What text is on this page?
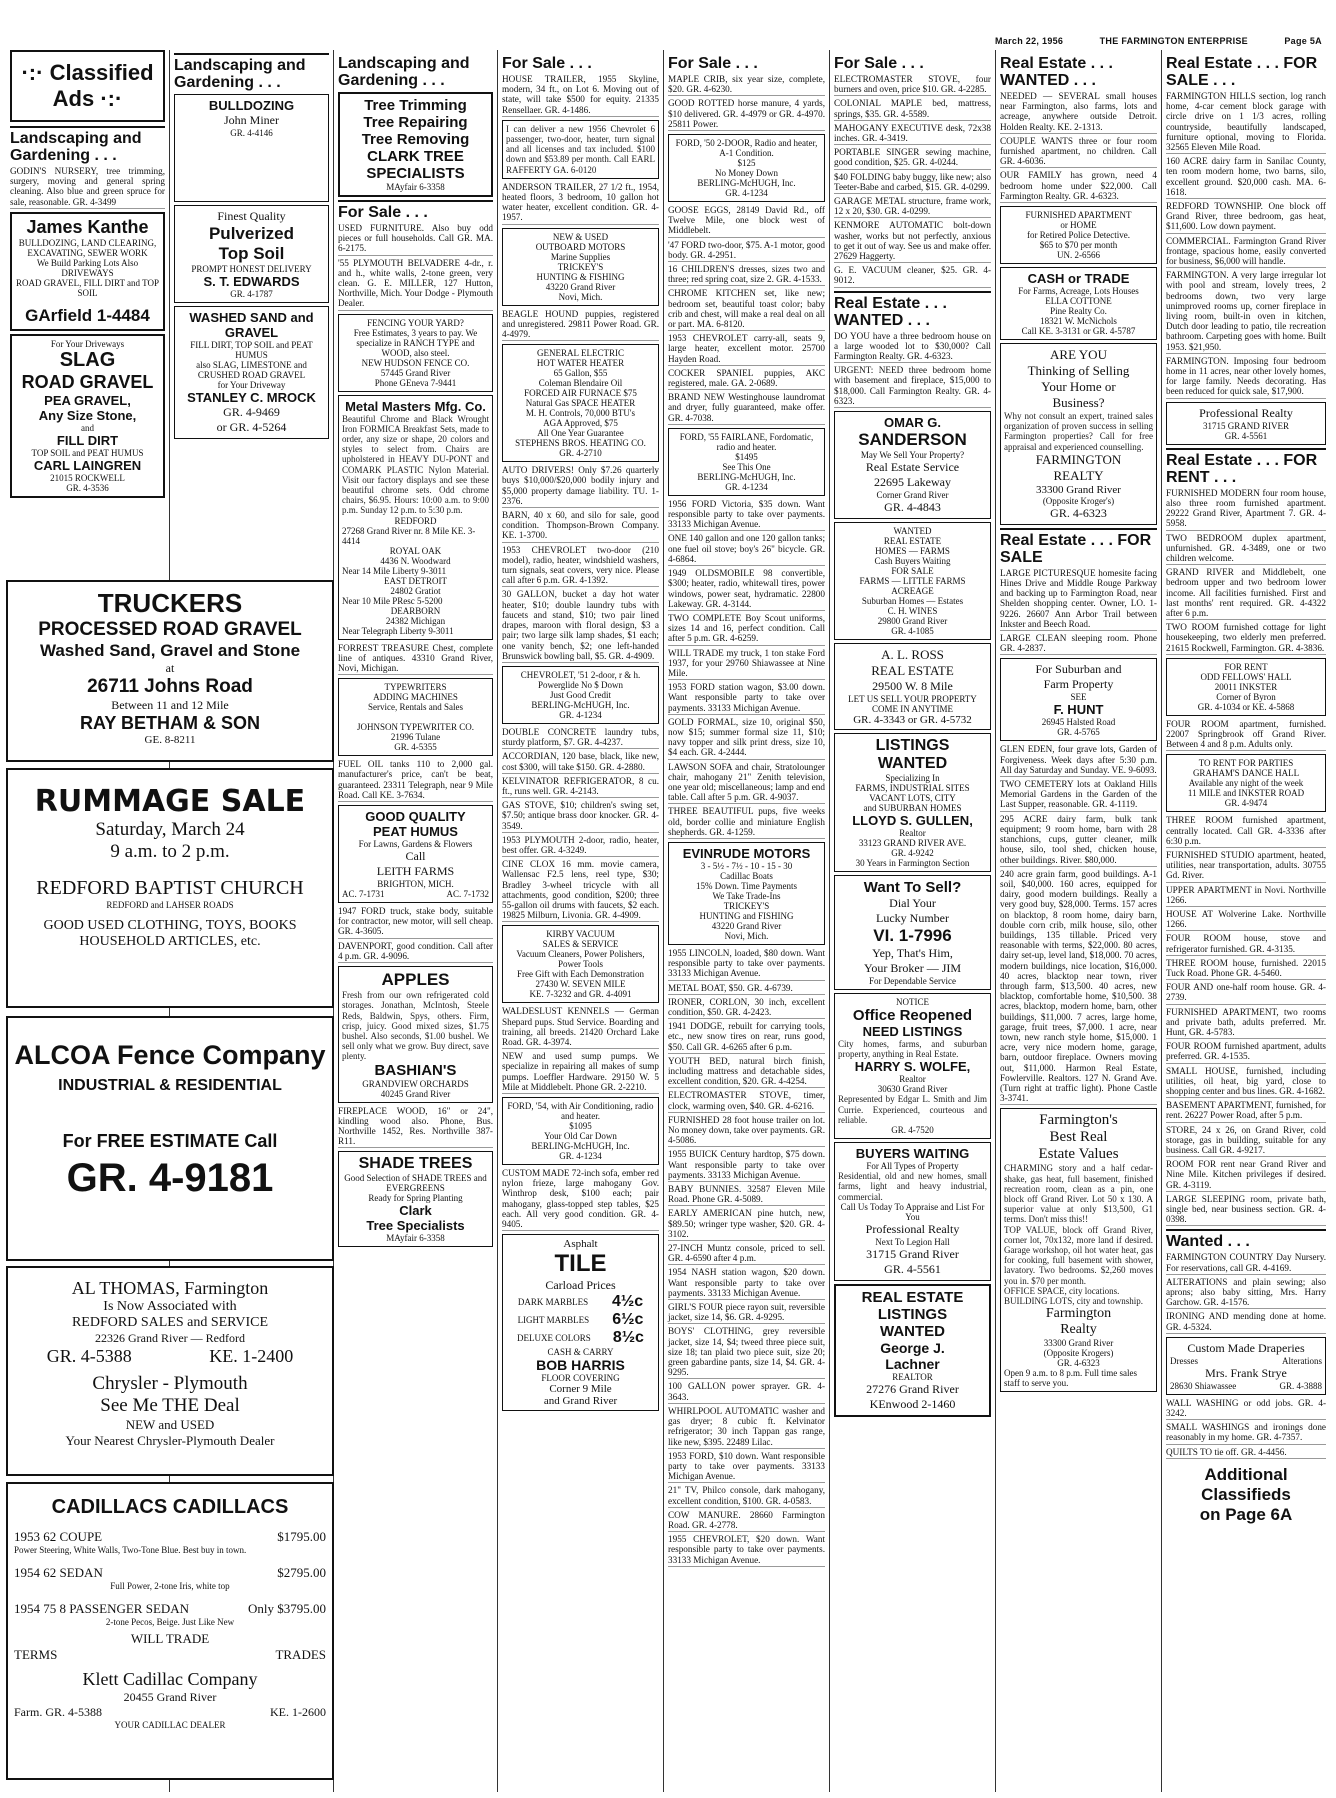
March 22, 1956	THE FARMINGTON ENTERPRISE	Page 5A
·:· Classified Ads ·:·
Landscaping and Gardening . . .
GODIN'S NURSERY, tree trimming, surgery, moving and general spring cleaning. Also blue and green spruce for sale, reasonable. GR. 4-3499
James Kanthe
BULLDOZING, LAND CLEARING, EXCAVATING, SEWER WORK
We Build Parking Lots Also DRIVEWAYS
ROAD GRAVEL, FILL DIRT and TOP SOIL
GArfield 1-4484
For Your Driveways
SLAG
ROAD GRAVEL
PEA GRAVEL,
Any Size Stone,
and
FILL DIRT
TOP SOIL and PEAT HUMUS
CARL LAINGREN
21015 ROCKWELL
GR. 4-3536
Landscaping and Gardening . . .
BULLDOZING
John Miner
GR. 4-4146
Finest Quality
Pulverized
Top Soil
PROMPT HONEST DELIVERY
S. T. EDWARDS
GR. 4-1787
WASHED SAND and GRAVEL
FILL DIRT, TOP SOIL and PEAT HUMUS
also SLAG, LIMESTONE and CRUSHED ROAD GRAVEL
for Your Driveway
STANLEY C. MROCK
GR. 4-9469
or GR. 4-5264
TRUCKERS
PROCESSED ROAD GRAVEL
Washed Sand, Gravel and Stone
at
26711 Johns Road
Between 11 and 12 Mile
RAY BETHAM & SON
GE. 8-8211
RUMMAGE SALE
Saturday, March 24
9 a.m. to 2 p.m.
REDFORD BAPTIST CHURCH
REDFORD and LAHSER ROADS
GOOD USED CLOTHING, TOYS, BOOKS
HOUSEHOLD ARTICLES, etc.
ALCOA Fence Company
INDUSTRIAL & RESIDENTIAL
For FREE ESTIMATE Call
GR. 4-9181
AL THOMAS, Farmington
Is Now Associated with
REDFORD SALES and SERVICE
22326 Grand River — Redford
GR. 4-5388	KE. 1-2400
Chrysler - Plymouth
See Me THE Deal
NEW and USED
Your Nearest Chrysler-Plymouth Dealer
CADILLACS CADILLACS
1953 62 COUPE	$1795.00
Power Steering, White Walls, Two-Tone Blue. Best buy in town.
1954 62 SEDAN	$2795.00
Full Power, 2-tone Iris, white top
1954 75 8 PASSENGER SEDAN	Only $3795.00
2-tone Pecos, Beige. Just Like New
WILL TRADE
TERMS	TRADES
Klett Cadillac Company
20455 Grand River
Farm. GR. 4-5388	KE. 1-2600
YOUR CADILLAC DEALER
Landscaping and Gardening . . .
Tree Trimming
Tree Repairing
Tree Removing
CLARK TREE SPECIALISTS
MAyfair 6-3358
For Sale . . .
USED FURNITURE. Also buy odd pieces or full households. Call GR. MA. 6-2175.
'55 PLYMOUTH BELVADERE 4-dr., r. and h., white walls, 2-tone green, very clean. G. E. MILLER, 127 Hutton, Northville, Mich. Your Dodge - Plymouth Dealer.
FENCING YOUR YARD?
Free Estimates, 3 years to pay. We specialize in RANCH TYPE and WOOD, also steel.
NEW HUDSON FENCE CO.
57445 Grand River
Phone GEneva 7-9441
Metal Masters Mfg. Co.
Beautiful Chrome and Black Wrought Iron FORMICA Breakfast Sets, made to order, any size or shape, 20 colors and styles to select from. Chairs are upholstered in HEAVY DU-PONT and COMARK PLASTIC Nylon Material. Visit our factory displays and see these beautiful chrome sets. Odd chrome chairs, $6.95. Hours: 10:00 a.m. to 9:00 p.m. Sunday 12 p.m. to 5:30 p.m.
REDFORD
27268 Grand River nr. 8 Mile KE. 3-4414
ROYAL OAK
4436 N. Woodward
Near 14 Mile Liberty 9-3011
EAST DETROIT
24802 Gratiot
Near 10 Mile PResc 5-5200
DEARBORN
24382 Michigan
Near Telegraph Liberty 9-3011
FORREST TREASURE Chest, complete line of antiques. 43310 Grand River, Novi, Michigan.
TYPEWRITERS
ADDING MACHINES
Service, Rentals and Sales
JOHNSON TYPEWRITER CO.
21996 Tulane
GR. 4-5355
FUEL OIL tanks 110 to 2,000 gal. manufacturer's price, can't be beat, guaranteed. 23311 Telegraph, near 9 Mile Road. Call KE. 3-7634.
GOOD QUALITY
PEAT HUMUS
For Lawns, Gardens & Flowers
Call
LEITH FARMS
BRIGHTON, MICH.
AC. 7-1731	AC. 7-1732
1947 FORD truck, stake body, suitable for contractor, new motor, will sell cheap. GR. 4-3605.
DAVENPORT, good condition. Call after 4 p.m. GR. 4-9096.
APPLES
Fresh from our own refrigerated cold storages. Jonathan, McIntosh, Steele Reds, Baldwin, Spys, others. Firm, crisp, juicy. Good mixed sizes, $1.75 bushel. Also seconds, $1.00 bushel. We sell only what we grow. Buy direct, save plenty.
BASHIAN'S
GRANDVIEW ORCHARDS
40245 Grand River
FIREPLACE WOOD, 16" or 24", kindling wood also. Phone, Bus. Northville 1452, Res. Northville 387-R11.
SHADE TREES
Good Selection of SHADE TREES and EVERGREENS
Ready for Spring Planting
Clark
Tree Specialists
MAyfair 6-3358
For Sale . . .
HOUSE TRAILER, 1955 Skyline, modern, 34 ft., on Lot 6. Moving out of state, will take $500 for equity. 21335 Rensellaer. GR. 4-1486.
I can deliver a new 1956 Chevrolet 6 passenger, two-door, heater, turn signal and all licenses and tax included. $100 down and $53.89 per month. Call EARL RAFFERTY GA. 6-0120
ANDERSON TRAILER, 27 1/2 ft., 1954, heated floors, 3 bedroom, 10 gallon hot water heater, excellent condition. GR. 4-1957.
NEW & USED
OUTBOARD MOTORS
Marine Supplies
TRICKEY'S
HUNTING & FISHING
43220 Grand River
Novi, Mich.
BEAGLE HOUND puppies, registered and unregistered. 29811 Power Road. GR. 4-4979.
GENERAL ELECTRIC
HOT WATER HEATER
65 Gallon, $55
Coleman Blendaire Oil
FORCED AIR FURNACE $75
Natural Gas SPACE HEATER
M. H. Controls, 70,000 BTU's
AGA Approved, $75
All One Year Guarantee
STEPHENS BROS. HEATING CO.
GR. 4-2710
AUTO DRIVERS! Only $7.26 quarterly buys $10,000/$20,000 bodily injury and $5,000 property damage liability. TU. 1-2376.
BARN, 40 x 60, and silo for sale, good condition. Thompson-Brown Company. KE. 1-3700.
1953 CHEVROLET two-door (210 model), radio, heater, windshield washers, turn signals, seat covers, very nice. Please call after 6 p.m. GR. 4-1392.
30 GALLON, bucket a day hot water heater, $10; double laundry tubs with faucets and stand, $10; two pair lined drapes, maroon with floral design, $3 a pair; two large silk lamp shades, $1 each; one vanity bench, $2; one left-handed Brunswick bowling ball, $5. GR. 4-4909.
CHEVROLET, '51 2-door, r & h.
Powerglide No $ Down
Just Good Credit
BERLING-McHUGH, Inc.
GR. 4-1234
DOUBLE CONCRETE laundry tubs, sturdy platform, $7. GR. 4-4237.
ACCORDIAN, 120 base, black, like new, cost $300, will take $150. GR. 4-2880.
KELVINATOR REFRIGERATOR, 8 cu. ft., runs well. GR. 4-2143.
GAS STOVE, $10; children's swing set, $7.50; antique brass door knocker. GR. 4-3549.
1953 PLYMOUTH 2-door, radio, heater, best offer. GR. 4-3249.
CINE CLOX 16 mm. movie camera, Wallensac F2.5 lens, reel type, $30; Bradley 3-wheel tricycle with all attachments, good condition, $200; three 55-gallon oil drums with faucets, $2 each. 19825 Milburn, Livonia. GR. 4-4909.
KIRBY VACUUM
SALES & SERVICE
Vacuum Cleaners, Power Polishers, Power Tools
Free Gift with Each Demonstration
27430 W. SEVEN MILE
KE. 7-3232 and GR. 4-4091
WALDESLUST KENNELS — German Shepard pups. Stud Service. Boarding and training, all breeds. 21420 Orchard Lake Road. GR. 4-3974.
NEW and used sump pumps. We specialize in repairing all makes of sump pumps. Loeffler Hardware. 29150 W. 5 Mile at Middlebelt. Phone GR. 2-2210.
FORD, '54, with Air Conditioning, radio and heater.
$1095
Your Old Car Down
BERLING-McHUGH, Inc.
GR. 4-1234
CUSTOM MADE 72-inch sofa, ember red nylon frieze, large mahogany Gov. Winthrop desk, $100 each; pair mahogany, glass-topped step tables, $25 each. All very good condition. GR. 4-9405.
Asphalt
TILE
Carload Prices
DARK MARBLES 4½c
LIGHT MARBLES 6½c
DELUXE COLORS 8½c
CASH & CARRY
BOB HARRIS
FLOOR COVERING
Corner 9 Mile
and Grand River
For Sale . . .
MAPLE CRIB, six year size, complete, $20. GR. 4-6230.
GOOD ROTTED horse manure, 4 yards, $10 delivered. GR. 4-4979 or GR. 4-4970. 25811 Power.
FORD, '50 2-DOOR, Radio and heater, A-1 Condition.
$125
No Money Down
BERLING-McHUGH, Inc.
GR. 4-1234
GOOSE EGGS, 28149 David Rd., off Twelve Mile, one block west of Middlebelt.
'47 FORD two-door, $75. A-1 motor, good body. GR. 4-2951.
16 CHILDREN'S dresses, sizes two and three; red spring coat, size 2. GR. 4-1533.
CHROME KITCHEN set, like new; bedroom set, beautiful toast color; baby crib and chest, will make a real deal on all or part. MA. 6-8120.
1953 CHEVROLET carry-all, seats 9, large heater, excellent motor. 25700 Hayden Road.
COCKER SPANIEL puppies, AKC registered, male. GA. 2-0689.
BRAND NEW Westinghouse laundromat and dryer, fully guaranteed, make offer. GR. 4-7038.
FORD, '55 FAIRLANE, Fordomatic, radio and heater.
$1495
See This One
BERLING-McHUGH, Inc.
GR. 4-1234
1956 FORD Victoria, $35 down. Want responsible party to take over payments. 33133 Michigan Avenue.
ONE 140 gallon and one 120 gallon tanks; one fuel oil stove; boy's 26" bicycle. GR. 4-6864.
1949 OLDSMOBILE 98 convertible, $300; heater, radio, whitewall tires, power windows, power seat, hydramatic. 22800 Lakeway. GR. 4-3144.
TWO COMPLETE Boy Scout uniforms, sizes 14 and 16, perfect condition. Call after 5 p.m. GR. 4-6259.
WILL TRADE my truck, 1 ton stake Ford 1937, for your 29760 Shiawassee at Nine Mile.
1953 FORD station wagon, $3.00 down. Want responsible party to take over payments. 33133 Michigan Avenue.
GOLD FORMAL, size 10, original $50, now $15; summer formal size 11, $10; navy topper and silk print dress, size 10, $4 each. GR. 4-2444.
LAWSON SOFA and chair, Stratolounger chair, mahogany 21" Zenith television, one year old; miscellaneous; lamp and end table. Call after 5 p.m. GR. 4-9037.
THREE BEAUTIFUL pups, five weeks old, border collie and miniature English shepherds. GR. 4-1259.
EVINRUDE MOTORS
3 - 5½ - 7½ - 10 - 15 - 30
Cadillac Boats
15% Down. Time Payments
We Take Trade-Ins
TRICKEY'S
HUNTING and FISHING
43220 Grand River
Novi, Mich.
1955 LINCOLN, loaded, $80 down. Want responsible party to take over payments. 33133 Michigan Avenue.
METAL BOAT, $50. GR. 4-6739.
IRONER, CORLON, 30 inch, excellent condition, $50. GR. 4-2423.
1941 DODGE, rebuilt for carrying tools, etc., new snow tires on rear, runs good, $50. Call GR. 4-6265 after 6 p.m.
YOUTH BED, natural birch finish, including mattress and detachable sides, excellent condition, $20. GR. 4-4254.
ELECTROMASTER STOVE, timer, clock, warming oven, $40. GR. 4-6216.
FURNISHED 28 foot house trailer on lot. No money down, take over payments. GR. 4-5086.
1955 BUICK Century hardtop, $75 down. Want responsible party to take over payments. 33133 Michigan Avenue.
BABY BUNNIES. 32587 Eleven Mile Road. Phone GR. 4-5089.
EARLY AMERICAN pine hutch, new, $89.50; wringer type washer, $20. GR. 4-3102.
27-INCH Muntz console, priced to sell. GR. 4-6590 after 4 p.m.
1954 NASH station wagon, $20 down. Want responsible party to take over payments. 33133 Michigan Avenue.
GIRL'S FOUR piece rayon suit, reversible jacket, size 14, $6. GR. 4-9295.
BOYS' CLOTHING, grey reversible jacket, size 14, $4; tweed three piece suit, size 18; tan plaid two piece suit, size 20; green gabardine pants, size 14, $4. GR. 4-9295.
100 GALLON power sprayer. GR. 4-3643.
WHIRLPOOL AUTOMATIC washer and gas dryer; 8 cubic ft. Kelvinator refrigerator; 30 inch Tappan gas range, like new, $395. 22489 Lilac.
1953 FORD, $10 down. Want responsible party to take over payments. 33133 Michigan Avenue.
21" TV, Philco console, dark mahogany, excellent condition, $100. GR. 4-0583.
COW MANURE. 28660 Farmington Road. GR. 4-2778.
1955 CHEVROLET, $20 down. Want responsible party to take over payments. 33133 Michigan Avenue.
For Sale . . .
ELECTROMASTER STOVE, four burners and oven, price $10. GR. 4-2285.
COLONIAL MAPLE bed, mattress, springs, $35. GR. 4-5589.
MAHOGANY EXECUTIVE desk, 72x38 inches. GR. 4-3419.
PORTABLE SINGER sewing machine, good condition, $25. GR. 4-0244.
$40 FOLDING baby buggy, like new; also Teeter-Babe and carbed, $15. GR. 4-0299.
GARAGE METAL structure, frame work, 12 x 20, $30. GR. 4-0299.
KENMORE AUTOMATIC bolt-down washer, works but not perfectly, anxious to get it out of way. See us and make offer. 27629 Haggerty.
G. E. VACUUM cleaner, $25. GR. 4-9012.
Real Estate . . . WANTED . . .
DO YOU have a three bedroom house on a large wooded lot to $30,000? Call Farmington Realty. GR. 4-6323.
URGENT: NEED three bedroom home with basement and fireplace, $15,000 to $18,000. Call Farmington Realty. GR. 4-6323.
OMAR G.
SANDERSON
May We Sell Your Property?
Real Estate Service
22695 Lakeway
Corner Grand River
GR. 4-4843
WANTED
REAL ESTATE
HOMES — FARMS
Cash Buyers Waiting
FOR SALE
FARMS — LITTLE FARMS
ACREAGE
Suburban Homes — Estates
C. H. WINES
29800 Grand River
GR. 4-1085
A. L. ROSS
REAL ESTATE
29500 W. 8 Mile
LET US SELL YOUR PROPERTY
COME IN ANYTIME
GR. 4-3343 or GR. 4-5732
LISTINGS
WANTED
Specializing In
FARMS, INDUSTRIAL SITES
VACANT LOTS, CITY
and SUBURBAN HOMES
LLOYD S. GULLEN,
Realtor
33123 GRAND RIVER AVE.
GR. 4-9242
30 Years in Farmington Section
Want To Sell?
Dial Your
Lucky Number
VI. 1-7996
Yep, That's Him,
Your Broker — JIM
For Dependable Service
NOTICE
Office Reopened
NEED LISTINGS
City homes, farms, and suburban property, anything in Real Estate.
HARRY S. WOLFE,
Realtor
30630 Grand River
Represented by Edgar L. Smith and Jim Currie. Experienced, courteous and reliable.
GR. 4-7520
BUYERS WAITING
For All Types of Property
Residential, old and new homes, small farms, light and heavy industrial, commercial.
Call Us Today To Appraise and List For You
Professional Realty
Next To Legion Hall
31715 Grand River
GR. 4-5561
REAL ESTATE
LISTINGS
WANTED
George J.
Lachner
REALTOR
27276 Grand River
KEnwood 2-1460
Real Estate . . . WANTED . . .
NEEDED — SEVERAL small houses near Farmington, also farms, lots and acreage, anywhere outside Detroit. Holden Realty. KE. 2-1313.
COUPLE WANTS three or four room furnished apartment, no children. Call GR. 4-6036.
OUR FAMILY has grown, need 4 bedroom home under $22,000. Call Farmington Realty. GR. 4-6323.
FURNISHED APARTMENT
or HOME
for Retired Police Detective.
$65 to $70 per month
UN. 2-6566
CASH or TRADE
For Farms, Acreage, Lots Houses
ELLA COTTONE
Pine Realty Co.
18321 W. McNichols
Call KE. 3-3131 or GR. 4-5787
ARE YOU
Thinking of Selling
Your Home or
Business?
Why not consult an expert, trained sales organization of proven success in selling Farmington properties? Call for free appraisal and experienced counselling.
FARMINGTON
REALTY
33300 Grand River
(Opposite Kroger's)
GR. 4-6323
Real Estate . . . FOR SALE
LARGE PICTURESQUE homesite facing Hines Drive and Middle Rouge Parkway and backing up to Farmington Road, near Shelden shopping center. Owner, LO. 1-9226. 26607 Ann Arbor Trail between Inkster and Beech Road.
LARGE CLEAN sleeping room. Phone GR. 4-2837.
For Suburban and
Farm Property
SEE
F. HUNT
26945 Halsted Road
GR. 4-5765
GLEN EDEN, four grave lots, Garden of Forgiveness. Week days after 5:30 p.m. All day Saturday and Sunday. VE. 9-6093.
TWO CEMETERY lots at Oakland Hills Memorial Gardens in the Garden of the Last Supper, reasonable. GR. 4-1119.
295 ACRE dairy farm, bulk tank equipment; 9 room home, barn with 28 stanchions, cups, gutter cleaner, milk house, silo, tool shed, chicken house, other buildings. River. $80,000.
240 acre grain farm, good buildings. A-1 soil, $40,000. 160 acres, equipped for dairy, good modern buildings. Really a very good buy, $28,000. Terms. 157 acres on blacktop, 8 room home, dairy barn, double corn crib, milk house, silo, other buildings, 135 tillable. Priced very reasonable with terms, $22,000. 80 acres, dairy set-up, level land, $18,000. 70 acres, modern buildings, nice location, $16,000. 40 acres, blacktop near town, river through farm, $13,500. 40 acres, new blacktop, comfortable home, $10,500. 38 acres, blacktop, modern home, barn, other buildings, $11,000. 7 acres, large home, garage, fruit trees, $7,000. 1 acre, near town, new ranch style home, $15,000. 1 acre, very nice modern home, garage, barn, outdoor fireplace. Owners moving out, $11,000. Harmon Real Estate, Fowlerville. Realtors. 127 N. Grand Ave. (Turn right at traffic light). Phone Castle 3-3741.
Farmington's
Best Real
Estate Values
CHARMING story and a half cedar-shake, gas heat, full basement, finished recreation room, clean as a pin, one block off Grand River. Lot 50 x 130. A superior value at only $13,500, G1 terms. Don't miss this!!
TOP VALUE, block off Grand River, corner lot, 70x132, more land if desired. Garage workshop, oil hot water heat, gas for cooking, full basement with shower, lavatory. Two bedrooms. $2,260 moves you in. $70 per month.
OFFICE SPACE, city locations.
BUILDING LOTS, city and township.
Farmington
Realty
33300 Grand River
(Opposite Krogers)
GR. 4-6323
Open 9 a.m. to 8 p.m. Full time sales staff to serve you.
Real Estate . . . FOR SALE . . .
FARMINGTON HILLS section, log ranch home, 4-car cement block garage with circle drive on 1 1/3 acres, rolling countryside, beautifully landscaped, furniture optional, moving to Florida. 32565 Eleven Mile Road.
160 ACRE dairy farm in Sanilac County, ten room modern home, two barns, silo, excellent ground. $20,000 cash. MA. 6-1618.
REDFORD TOWNSHIP. One block off Grand River, three bedroom, gas heat, $11,600. Low down payment.
COMMERCIAL. Farmington Grand River frontage, spacious home, easily converted for business, $6,000 will handle.
FARMINGTON. A very large irregular lot with pool and stream, lovely trees, 2 bedrooms down, two very large unimproved rooms up, corner fireplace in living room, built-in oven in kitchen, Dutch door leading to patio, tile recreation bathroom. Carpeting goes with home. Built 1953. $21,950.
FARMINGTON. Imposing four bedroom home in 11 acres, near other lovely homes, for large family. Needs decorating. Has been reduced for quick sale, $17,900.
Professional Realty
31715 GRAND RIVER
GR. 4-5561
Real Estate . . . FOR RENT . . .
FURNISHED MODERN four room house, also three room furnished apartment. 29222 Grand River, Apartment 7. GR. 4-5958.
TWO BEDROOM duplex apartment, unfurnished. GR. 4-3489, one or two children welcome.
GRAND RIVER and Middlebelt, one bedroom upper and two bedroom lower income. All facilities furnished. First and last months' rent required. GR. 4-4322 after 6 p.m.
TWO ROOM furnished cottage for light housekeeping, two elderly men preferred. 21615 Rockwell, Farmington. GR. 4-3836.
FOR RENT
ODD FELLOWS' HALL
20011 INKSTER
Corner of Byron
GR. 4-1034 or KE. 4-5868
FOUR ROOM apartment, furnished. 22007 Springbrook off Grand River. Between 4 and 8 p.m. Adults only.
TO RENT FOR PARTIES
GRAHAM'S DANCE HALL
Available any night of the week
11 MILE and INKSTER ROAD
GR. 4-9474
THREE ROOM furnished apartment, centrally located. Call GR. 4-3336 after 6:30 p.m.
FURNISHED STUDIO apartment, heated, utilities, near transportation, adults. 30755 Gd. River.
UPPER APARTMENT in Novi. Northville 1266.
HOUSE AT Wolverine Lake. Northville 1266.
FOUR ROOM house, stove and refrigerator furnished. GR. 4-3135.
THREE ROOM house, furnished. 22015 Tuck Road. Phone GR. 4-5460.
FOUR AND one-half room house. GR. 4-2739.
FURNISHED APARTMENT, two rooms and private bath, adults preferred. Mr. Hunt, GR. 4-5783.
FOUR ROOM furnished apartment, adults preferred. GR. 4-1535.
SMALL HOUSE, furnished, including utilities, oil heat, big yard, close to shopping center and bus lines. GR. 4-1682.
BASEMENT APARTMENT, furnished, for rent. 26227 Power Road, after 5 p.m.
STORE, 24 x 26, on Grand River, cold storage, gas in building, suitable for any business. Call GR. 4-9217.
ROOM FOR rent near Grand River and Nine Mile. Kitchen privileges if desired. GR. 4-3119.
LARGE SLEEPING room, private bath, single bed, near business section. GR. 4-0398.
Wanted . . .
FARMINGTON COUNTRY Day Nursery. For reservations, call GR. 4-4169.
ALTERATIONS and plain sewing; also aprons; also baby sitting, Mrs. Harry Garchow. GR. 4-1576.
IRONING AND mending done at home. GR. 4-5324.
Custom Made Draperies
Dresses	Alterations
Mrs. Frank Strye
28630 Shiawassee	GR. 4-3888
WALL WASHING or odd jobs. GR. 4-3242.
SMALL WASHINGS and ironings done reasonably in my home. GR. 4-7357.
QUILTS TO tie off. GR. 4-4456.
Additional
Classifieds
on Page 6A
